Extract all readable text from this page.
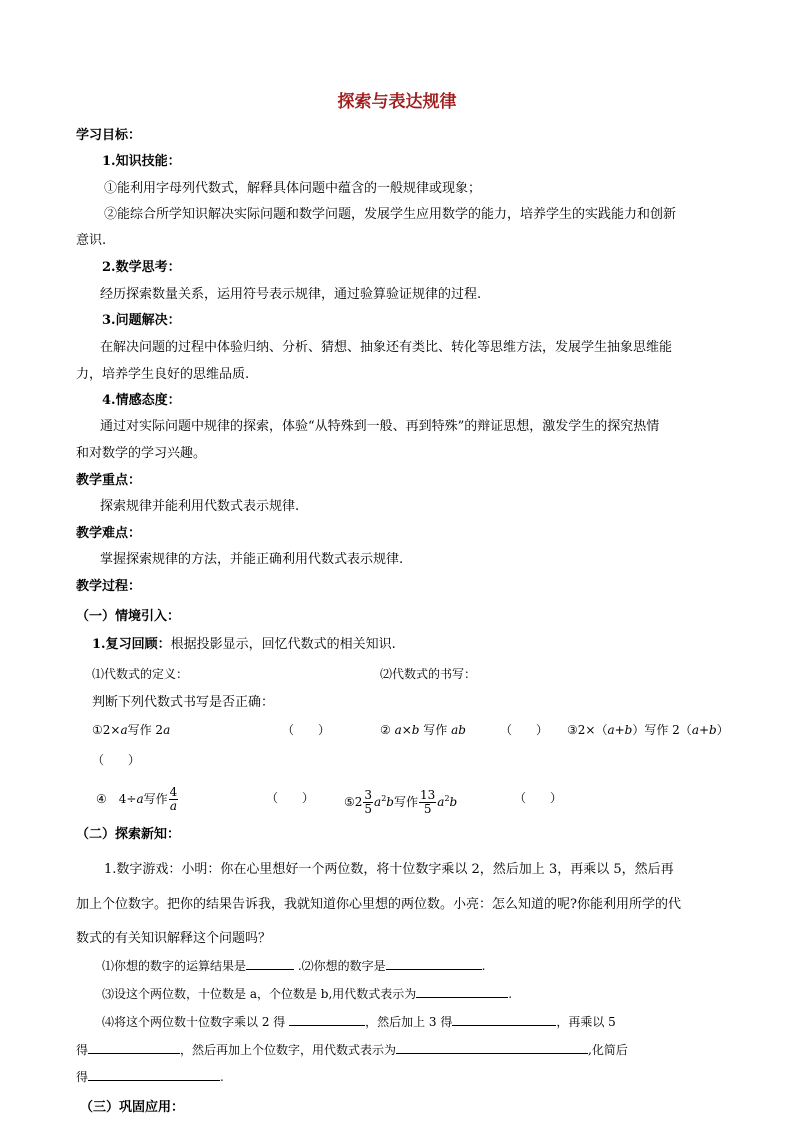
探索与表达规律
学习目标：
1.知识技能：
①能利用字母列代数式，解释具体问题中蕴含的一般规律或现象；
②能综合所学知识解决实际问题和数学问题，发展学生应用数学的能力，培养学生的实践能力和创新
意识.
2.数学思考：
经历探索数量关系，运用符号表示规律，通过验算验证规律的过程.
3.问题解决：
在解决问题的过程中体验归纳、分析、猜想、抽象还有类比、转化等思维方法，发展学生抽象思维能
力，培养学生良好的思维品质.
4.情感态度：
通过对实际问题中规律的探索，体验“从特殊到一般、再到特殊”的辩证思想，激发学生的探究热情
和对数学的学习兴趣。
教学重点：
探索规律并能利用代数式表示规律.
教学难点：
掌握探索规律的方法，并能正确利用代数式表示规律.
教学过程：
（一）情境引入：
1.复习回顾：根据投影显示，回忆代数式的相关知识.
⑴代数式的定义：	⑵代数式的书写：
判断下列代数式书写是否正确：
①2×a写作 2a	（　　）	② a×b 写作 ab	（　　） ③2×（a+b）写作 2（a+b）
（　　）
④　4÷a写作 $\frac{4}{a}$	（　　） ⑤2 $\frac{3}{5} a^2b$写作 $\frac{13}{5} a^2b$	（　　）
（二）探索新知：
1.数字游戏：小明：你在心里想好一个两位数，将十位数字乘以 2，然后加上 3，再乘以 5，然后再
加上个位数字。把你的结果告诉我，我就知道你心里想的两位数。小亮：怎么知道的呢?你能利用所学的代
数式的有关知识解释这个问题吗？
⑴你想的数字的运算结果是	.⑵你想的数字是	.
⑶设这个两位数，十位数是 a，个位数是 b,用代数式表示为	.
⑷将这个两位数十位数字乘以 2 得	，然后加上 3 得	，再乘以 5
得	，然后再加上个位数字，用代数式表示为	,化简后
得	.
（三）巩固应用：
